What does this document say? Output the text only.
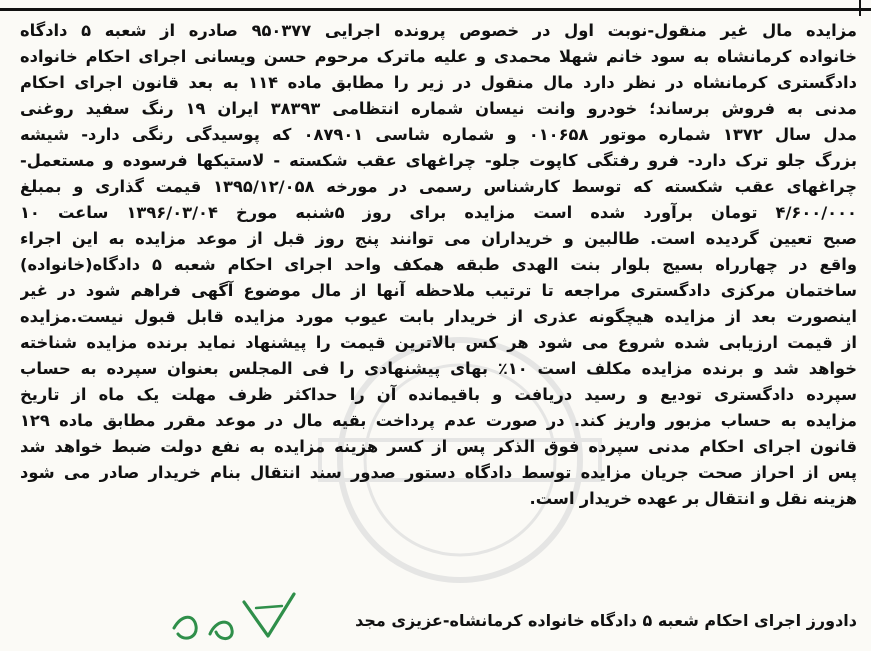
مزایده مال غیر منقول-نوبت اول در خصوص پرونده اجرایی ۹۵۰۳۷۷ صادره از شعبه ۵ دادگاه
خانواده کرمانشاه به سود خانم شهلا محمدی و علیه ماترک مرحوم حسن ویسانی اجرای احکام خانواده
دادگستری کرمانشاه در نظر دارد مال منقول در زیر را مطابق ماده ۱۱۴ به بعد قانون اجرای احکام
مدنی به فروش برساند؛ خودرو وانت نیسان شماره انتظامی ۳۸۳۹۳ ایران ۱۹ رنگ سفید روغنی
مدل سال ۱۳۷۲ شماره موتور ۰۱۰۶۵۸ و شماره شاسی ۰۸۷۹۰۱ که پوسیدگی رنگی دارد- شیشه
بزرگ جلو ترک دارد- فرو رفتگی کاپوت جلو- چراغهای عقب شکسته - لاستیکها فرسوده و مستعمل-
چراغهای عقب شکسته که توسط کارشناس رسمی در مورخه ۱۳۹۵/۱۲/۰۵۸ قیمت گذاری و بمبلغ
۴/۶۰۰/۰۰۰ تومان برآورد شده است مزایده برای روز ۵شنبه مورخ ۱۳۹۶/۰۳/۰۴ ساعت ۱۰
صبح تعیین گردیده است. طالبین و خریداران می توانند پنج روز قبل از موعد مزایده به این اجراء
واقع در چهارراه بسیج بلوار بنت الهدی طبقه همکف واحد اجرای احکام شعبه ۵ دادگاه(خانواده)
ساختمان مرکزی دادگستری مراجعه تا ترتیب ملاحظه آنها از مال موضوع آگهی فراهم شود در غیر
اینصورت بعد از مزایده هیچگونه عذری از خریدار بابت عیوب مورد مزایده قابل قبول نیست.مزایده
از قیمت ارزیابی شده شروع می شود هر کس بالاترین قیمت را پیشنهاد نماید برنده مزایده شناخته
خواهد شد و برنده مزایده مکلف است ۱۰٪ بهای پیشنهادی را فی المجلس بعنوان سپرده به حساب
سپرده دادگستری تودیع و رسید دریافت و باقیمانده آن را حداکثر ظرف مهلت یک ماه از تاریخ
مزایده به حساب مزبور واریز کند. در صورت عدم پرداخت بقیه مال در موعد مقرر مطابق ماده ۱۲۹
قانون اجرای احکام مدنی سپرده فوق الذکر پس از کسر هزینه مزایده به نفع دولت ضبط خواهد شد
پس از احراز صحت جریان مزایده توسط دادگاه دستور صدور سند انتقال بنام خریدار صادر می شود
هزینه نقل و انتقال بر عهده خریدار است.
دادورز اجرای احکام شعبه ۵ دادگاه خانواده کرمانشاه-عزیزی مجد
